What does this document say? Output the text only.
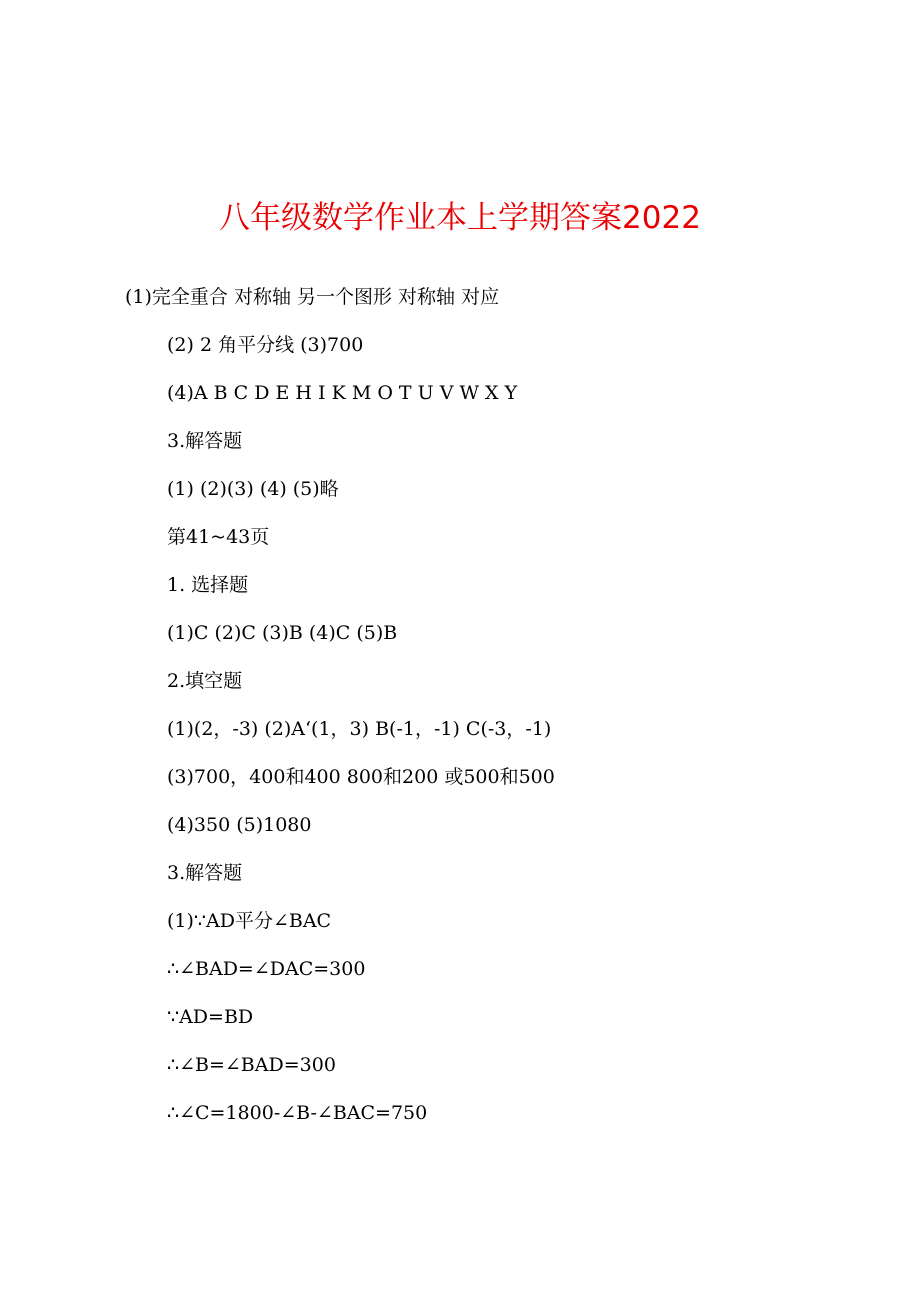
八年级数学作业本上学期答案2022
(1)完全重合 对称轴 另一个图形 对称轴 对应
(2) 2 角平分线 (3)700
(4)A B C D E H I K M O T U V W X Y
3.解答题
(1) (2)(3) (4) (5)略
第41~43页
1. 选择题
(1)C (2)C (3)B (4)C (5)B
2.填空题
(1)(2，-3) (2)A‘(1，3) B(-1，-1) C(-3，-1)
(3)700，400和400 800和200 或500和500
(4)350 (5)1080
3.解答题
(1)∵AD平分∠BAC
∴∠BAD=∠DAC=300
∵AD=BD
∴∠B=∠BAD=300
∴∠C=1800-∠B-∠BAC=750
